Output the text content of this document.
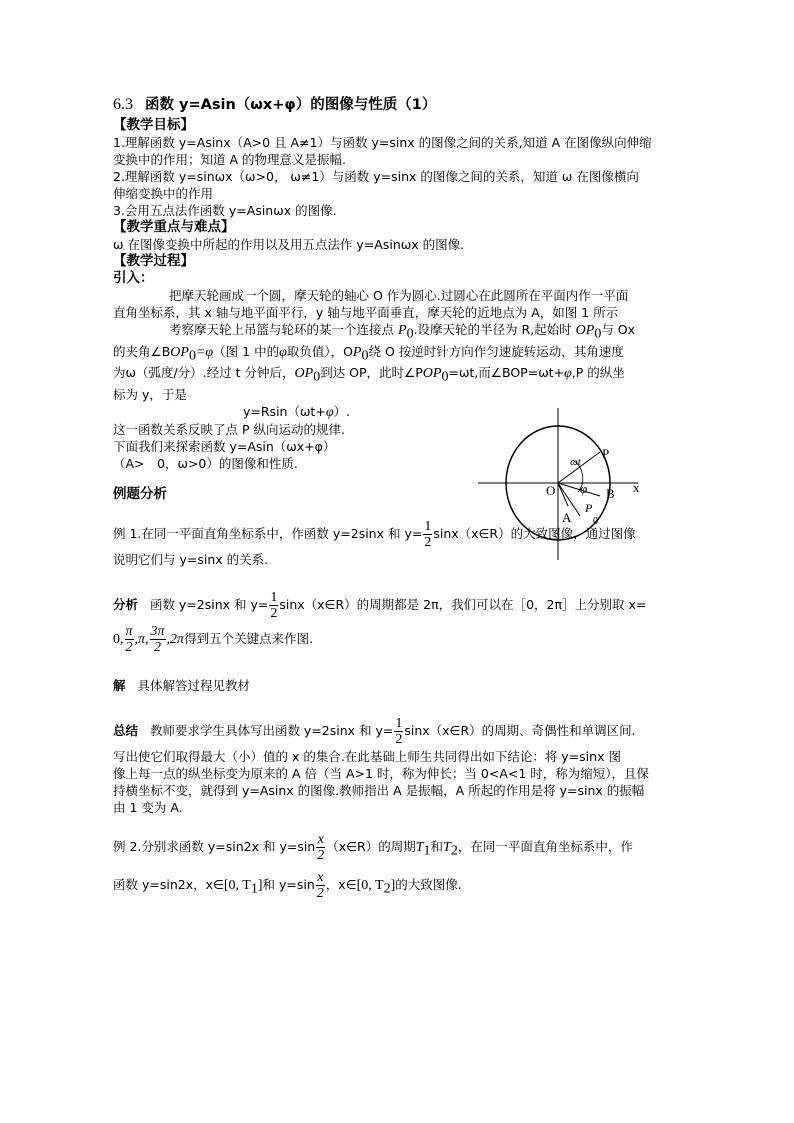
6.3 函数 y=Asin（ωx+φ）的图像与性质（1）
【教学目标】

1.理解函数 y=Asinx（A>0 且 A≠1）与函数 y=sinx 的图像之间的关系,知道 A 在图像纵向伸缩

变换中的作用；知道 A 的物理意义是振幅.

2.理解函数 y=sinωx（ω>0， ω≠1）与函数 y=sinx 的图像之间的关系，知道 ω 在图像横向

伸缩变换中的作用

3.会用五点法作函数 y=Asinωx 的图像.

【教学重点与难点】

ω 在图像变换中所起的作用以及用五点法作 y=Asinωx 的图像.

【教学过程】
引入：

把摩天轮画成一个圆，摩天轮的轴心 O 作为圆心.过圆心在此圆所在平面内作一平面

直角坐标系，其 x 轴与地平面平行，y 轴与地平面垂直，摩天轮的近地点为 A，如图 1 所示

考察摩天轮上吊篮与轮环的某一个连接点 $P_0$.设摩天轮的半径为 R,起始时 $OP_0$与 Ox

的夹角$\angle BOP_0=\varphi$（图 1 中的φ取负值），$OP_0$绕 O 按逆时针方向作匀速旋转运动，其角速度

为ω（弧度/分）.经过 t 分钟后，$OP_0$到达 OP，此时$\angle POP_0=\omega t$,而∠BOP=ωt+φ,P 的纵坐

标为 y，于是

y=Rsin（ωt+φ）.

这一函数关系反映了点 P 纵向运动的规律.

下面我们来探索函数 y=Asin（ωx+φ）

（A>　0，ω>0）的图像和性质.

例题分析

例 1.在同一平面直角坐标系中，作函数 y=2sinx 和 $y= \frac{1}{2}$ sinx（x∈R）的大致图像，通过图像

说明它们与 y=sinx 的关系.

分析 函数 y=2sinx 和 $y= \frac{1}{2}$ sinx（x∈R）的周期都是 2π，我们可以在［0，2π］上分别取 x=

0, $\frac{\pi}{2} ,\pi$, $\frac{3\pi}{2} ,2\pi$得到五个关键点来作图.

解 具体解答过程见教材

总结 教师要求学生具体写出函数 y=2sinx 和 $y= \frac{1}{2}$ sinx（x∈R）的周期、奇偶性和单调区间.

写出使它们取得最大（小）值的 x 的集合.在此基础上师生共同得出如下结论：将 y=sinx 图

像上每一点的纵坐标变为原来的 A 倍（当 A>1 时，称为伸长；当 0<A<1 时，称为缩短），且保

持横坐标不变，就得到 y=Asinx 的图像.教师指出 A 是振幅，A 所起的作用是将 y=sinx 的振幅

由 1 变为 A.

例 2.分别求函数 y=sin2x 和 $y=\sin \frac{x}{2}$ （x∈R）的周期$T_1$和$T_2$，在同一平面直角坐标系中，作

函数 y=sin2x，x∈[0, $T_1$]和 $y=\sin \frac{x}{2}$ ，x∈[0, $T_2$]的大致图像.

P
x
O	B
A
P
0
φ
ωt
